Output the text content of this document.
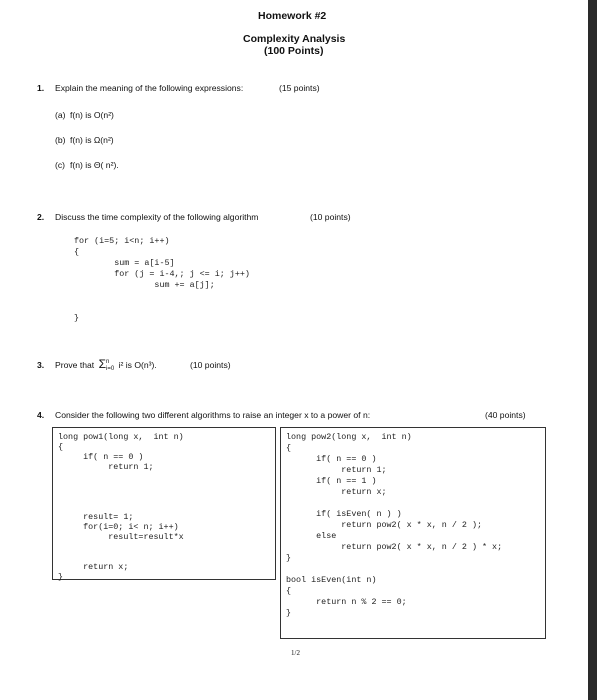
Homework #2
Complexity Analysis
(100 Points)
1. Explain the meaning of the following expressions:	(15 points)
(a) f(n) is O(n²)
(b) f(n) is Ω(n²)
(c) f(n) is Θ( n²).
2. Discuss the time complexity of the following algorithm	(10 points)
for (i=5; i<n; i++)
{
sum = a[i-5]
for (j = i-4,; j <= i; j++)
sum += a[j];
}
3. Prove that Σ n
i=0 i² is O(n³).	(10 points)
4. Consider the following two different algorithms to raise an integer x to a power of n:	(40 points)
long pow1(long x,  int n)
{
if( n == 0 )
return 1;
result= 1;
for(i=0; i< n; i++)
result=result*x
return x;
}
long pow2(long x,  int n)
{
if( n == 0 )
return 1;
if( n == 1 )
return x;
if( isEven( n ) )
return pow2( x * x, n / 2 );
else
return pow2( x * x, n / 2 ) * x;
}
bool isEven(int n)
{
return n % 2 == 0;
}
1/2
